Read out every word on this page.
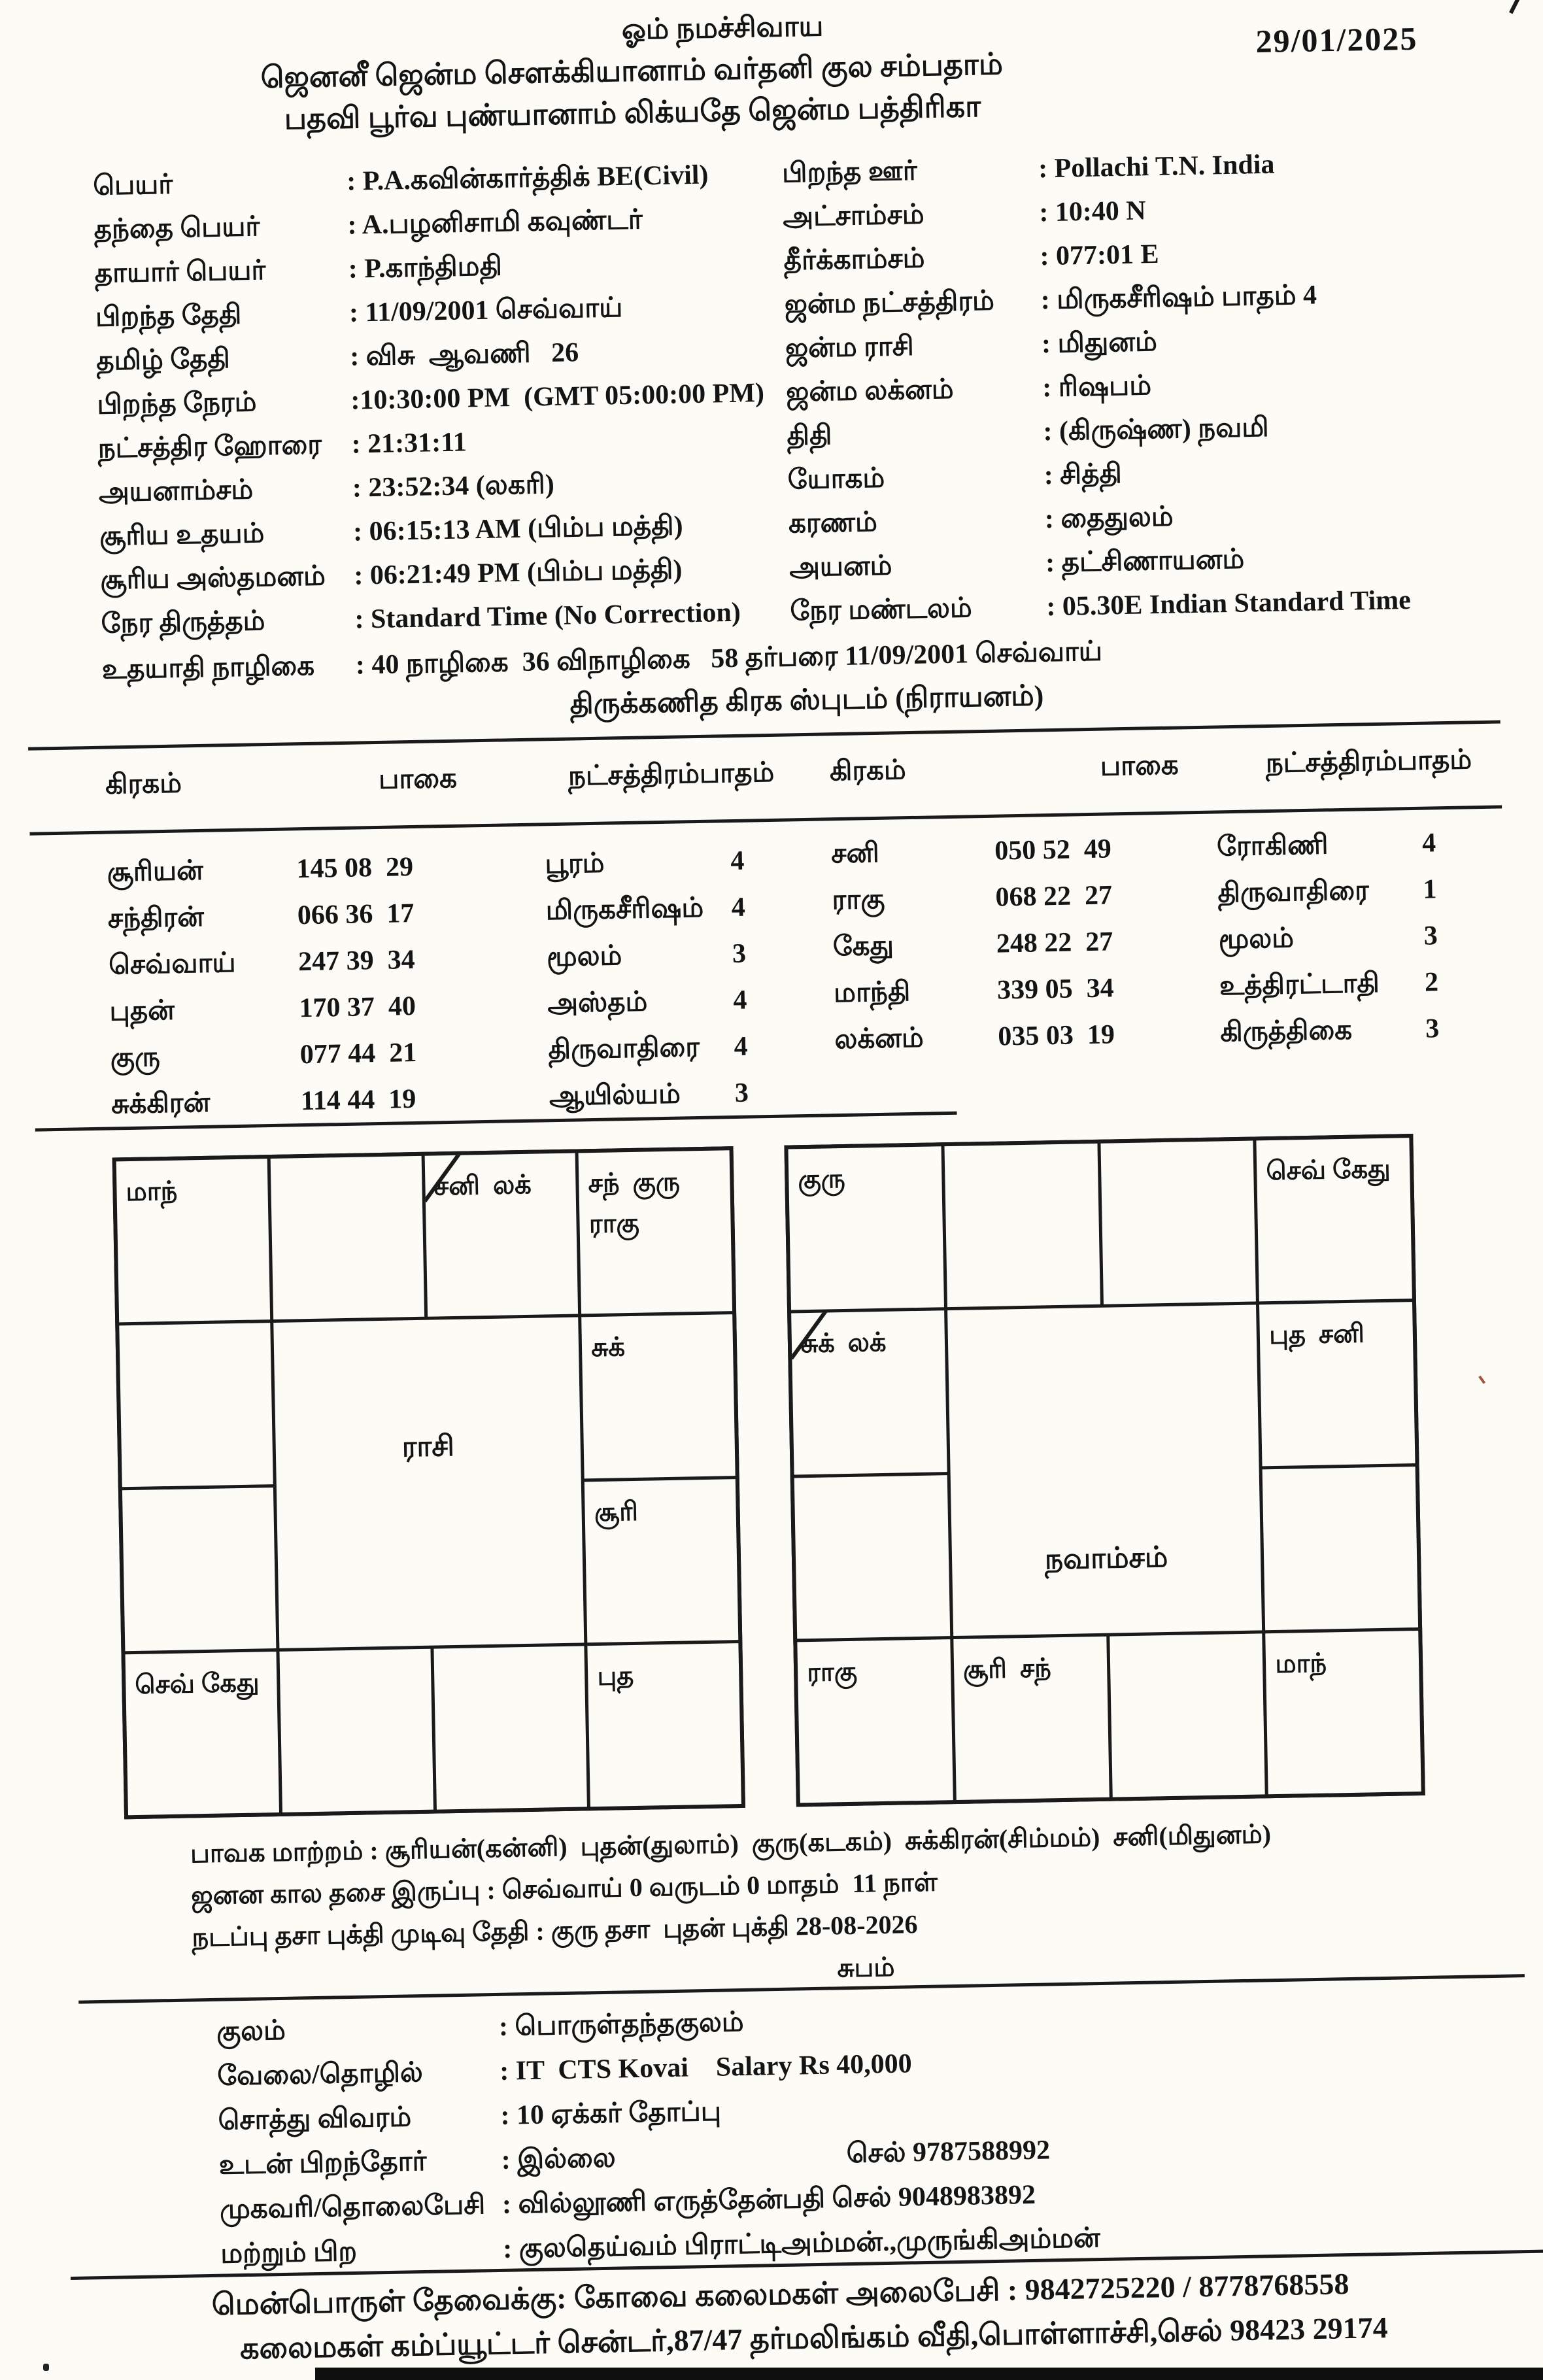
ஓம் நமச்சிவாய
ஜெனனீ ஜென்ம சௌக்கியானாம் வர்தனி குல சம்பதாம்
பதவி பூர்வ புண்யானாம் லிக்யதே ஜென்ம பத்திரிகா
29/01/2025
பெயர்	: P.A.கவின்கார்த்திக் BE(Civil)
தந்தை பெயர்	: A.பழனிசாமி கவுண்டர்
தாயார் பெயர்	: P.காந்திமதி
பிறந்த தேதி	: 11/09/2001 செவ்வாய்
தமிழ் தேதி	: விசு  ஆவணி   26
பிறந்த நேரம்	:10:30:00 PM  (GMT 05:00:00 PM)
நட்சத்திர ஹோரை	: 21:31:11
அயனாம்சம்	: 23:52:34 (லகரி)
சூரிய உதயம்	: 06:15:13 AM (பிம்ப மத்தி)
சூரிய அஸ்தமனம்	: 06:21:49 PM (பிம்ப மத்தி)
நேர திருத்தம்	: Standard Time (No Correction)
பிறந்த ஊர்	: Pollachi T.N. India
அட்சாம்சம்	: 10:40 N
தீர்க்காம்சம்	: 077:01 E
ஜன்ம நட்சத்திரம்	: மிருகசீரிஷம் பாதம் 4
ஜன்ம ராசி	: மிதுனம்
ஜன்ம லக்னம்	: ரிஷபம்
திதி	: (கிருஷ்ண) நவமி
யோகம்	: சித்தி
கரணம்	: தைதுலம்
அயனம்	: தட்சிணாயனம்
நேர மண்டலம்	: 05.30E Indian Standard Time
உதயாதி நாழிகை	: 40 நாழிகை  36 விநாழிகை   58 தர்பரை 11/09/2001 செவ்வாய்
திருக்கணித கிரக ஸ்புடம் (நிராயனம்)
கிரகம்	பாகை	நட்சத்திரம்பாதம் கிரகம்	பாகை	நட்சத்திரம்பாதம்
சூரியன்	145 08  29	பூரம்	4
சந்திரன்	066 36  17	மிருகசீரிஷம் 4
செவ்வாய்	247 39  34	மூலம்	3
புதன்	170 37  40	அஸ்தம்	4
குரு	077 44  21	திருவாதிரை	4
சுக்கிரன்	114 44  19	ஆயில்யம்	3
சனி	050 52  49	ரோகிணி	4
ராகு	068 22  27	திருவாதிரை	1
கேது	248 22  27	மூலம்	3
மாந்தி	339 05  34	உத்திரட்டாதி	2
லக்னம்	035 03  19	கிருத்திகை	3
மாந்	சனி  லக்	சந்  குரு ராகு
சுக்
சூரி
செவ் கேது	புத
ராசி
குரு	செவ் கேது
சுக்  லக்	புத  சனி
ராகு	சூரி  சந்	மாந்
நவாம்சம்
பாவக மாற்றம் : சூரியன்(கன்னி)  புதன்(துலாம்)  குரு(கடகம்)  சுக்கிரன்(சிம்மம்)  சனி(மிதுனம்)
ஜனன கால தசை இருப்பு : செவ்வாய் 0 வருடம் 0 மாதம்  11 நாள்
நடப்பு தசா புக்தி முடிவு தேதி : குரு தசா  புதன் புக்தி 28-08-2026
சுபம்
குலம்	: பொருள்தந்தகுலம்
வேலை/தொழில்	: IT  CTS Kovai    Salary Rs 40,000
சொத்து விவரம்	: 10 ஏக்கர் தோப்பு
உடன் பிறந்தோர்	: இல்லை	செல் 9787588992
முகவரி/தொலைபேசி : வில்லூணி எருத்தேன்பதி செல் 9048983892
மற்றும் பிற	: குலதெய்வம் பிராட்டிஅம்மன்.,முருங்கிஅம்மன்
மென்பொருள் தேவைக்கு: கோவை கலைமகள் அலைபேசி : 9842725220 / 8778768558
கலைமகள் கம்ப்யூட்டர் சென்டர்,87/47 தர்மலிங்கம் வீதி,பொள்ளாச்சி,செல் 98423 29174
